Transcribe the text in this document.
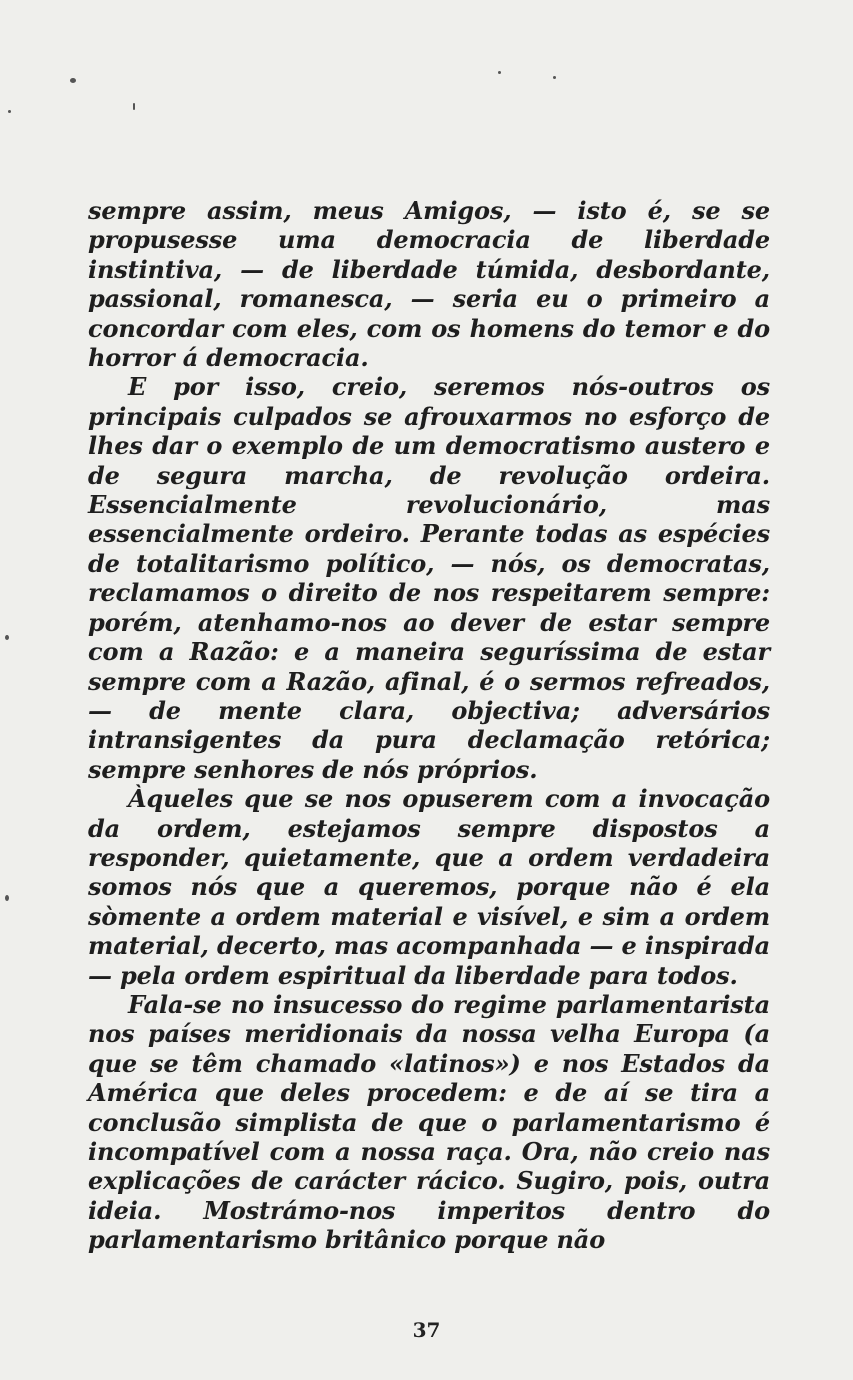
sempre assim, meus Amigos, — isto é, se se propusesse uma democracia de liberdade instintiva, — de liberdade túmida, desbordante, passional, romanesca, — seria eu o primeiro a concordar com eles, com os homens do temor e do horror á democracia.

E por isso, creio, seremos nós-outros os principais culpados se afrouxarmos no esforço de lhes dar o exemplo de um democratismo austero e de segura marcha, de revolução ordeira. Essencialmente revolucionário, mas essencialmente ordeiro. Perante todas as espécies de totalitarismo político, — nós, os democratas, reclamamos o direito de nos respeitarem sempre: porém, atenhamo-nos ao dever de estar sempre com a Razão: e a maneira seguríssima de estar sempre com a Razão, afinal, é o sermos refreados, — de mente clara, objectiva; adversários intransigentes da pura declamação retórica; sempre senhores de nós próprios.

Àqueles que se nos opuserem com a invocação da ordem, estejamos sempre dispostos a responder, quietamente, que a ordem verdadeira somos nós que a queremos, porque não é ela sòmente a ordem material e visível, e sim a ordem material, decerto, mas acompanhada — e inspirada — pela ordem espiritual da liberdade para todos.

Fala-se no insucesso do regime parlamentarista nos países meridionais da nossa velha Europa (a que se têm chamado «latinos») e nos Estados da América que deles procedem: e de aí se tira a conclusão simplista de que o parlamentarismo é incompatível com a nossa raça. Ora, não creio nas explicações de carácter rácico. Sugiro, pois, outra ideia. Mostrámo-nos imperitos dentro do parlamentarismo britânico porque não

37
